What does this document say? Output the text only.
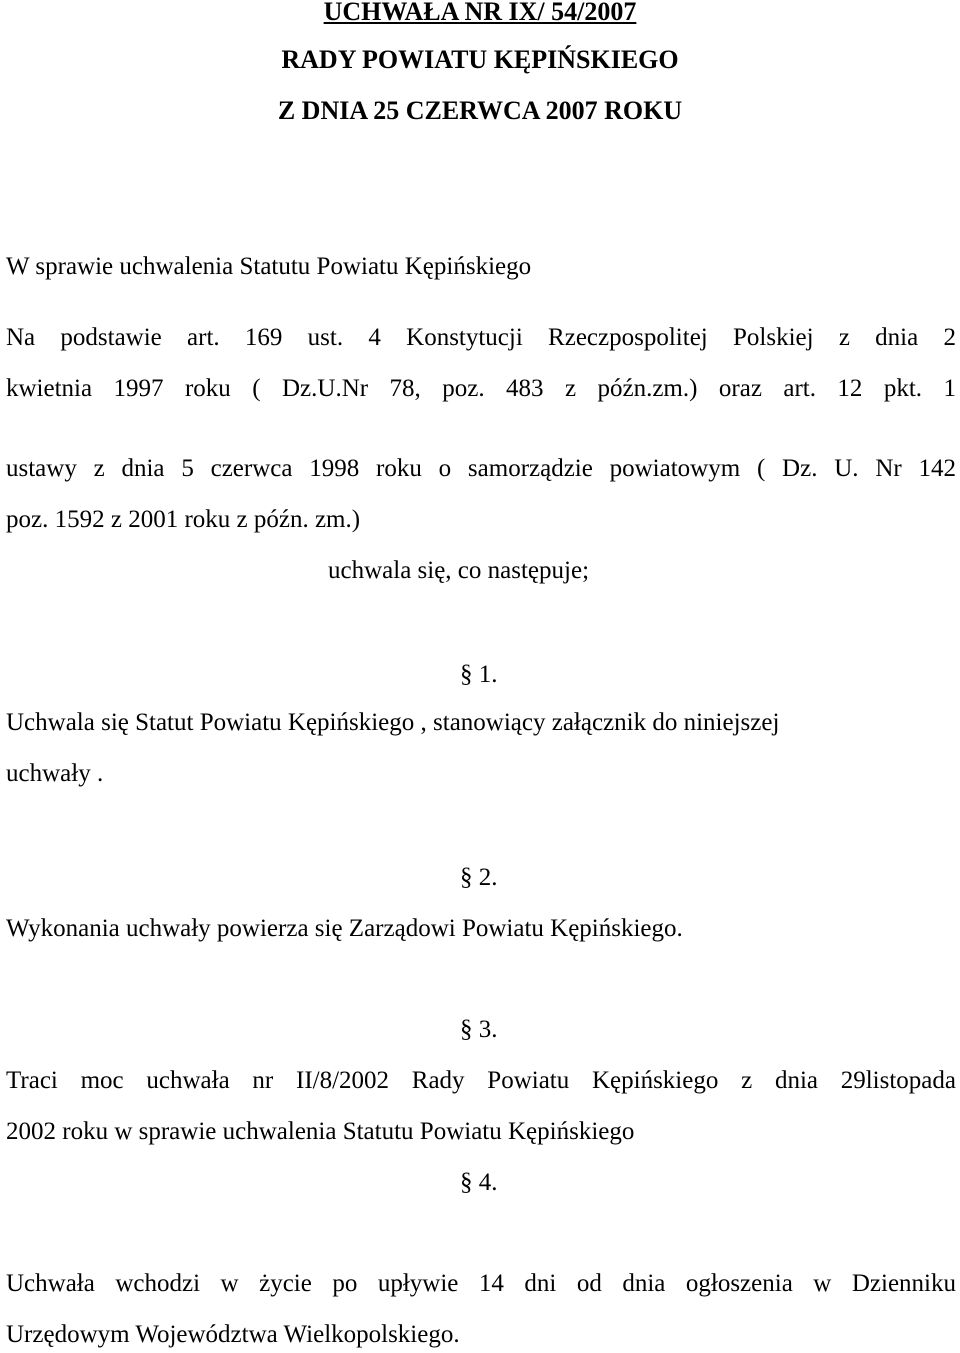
UCHWAŁA NR IX/ 54/2007
RADY POWIATU KĘPIŃSKIEGO
Z DNIA 25 CZERWCA 2007 ROKU
W sprawie uchwalenia Statutu Powiatu Kępińskiego
Na podstawie art. 169 ust. 4 Konstytucji Rzeczpospolitej Polskiej z dnia 2
kwietnia 1997 roku ( Dz.U.Nr 78, poz. 483 z późn.zm.) oraz art. 12 pkt. 1
ustawy z dnia 5 czerwca 1998 roku o samorządzie powiatowym ( Dz. U. Nr 142
poz. 1592 z 2001 roku z późn. zm.)
uchwala się, co następuje;
§ 1.
Uchwala się Statut Powiatu Kępińskiego , stanowiący załącznik do niniejszej
uchwały .
§ 2.
Wykonania uchwały powierza się Zarządowi Powiatu Kępińskiego.
§ 3.
Traci moc uchwała nr II/8/2002 Rady Powiatu Kępińskiego z dnia 29listopada
2002 roku w sprawie uchwalenia Statutu Powiatu Kępińskiego
§ 4.
Uchwała wchodzi w życie po upływie 14 dni od dnia ogłoszenia w Dzienniku
Urzędowym Województwa Wielkopolskiego.
